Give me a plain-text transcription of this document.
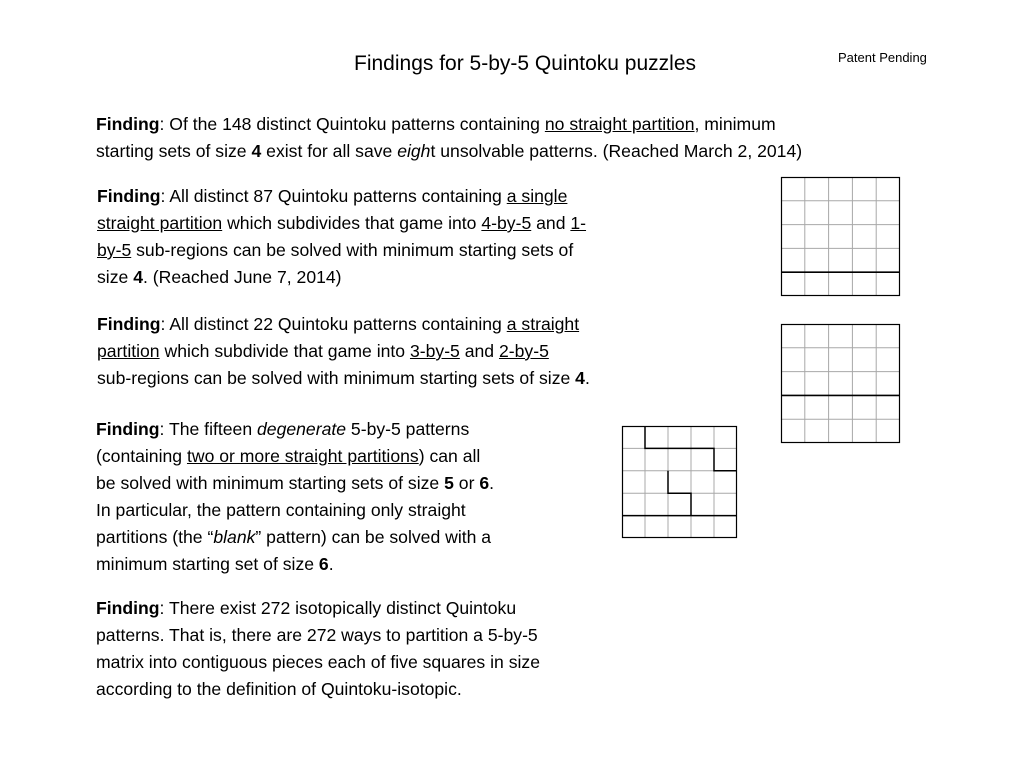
Findings for 5-by-5 Quintoku puzzles	Patent Pending
Finding: Of the 148 distinct Quintoku patterns containing no straight partition, minimum
starting sets of size 4 exist for all save eight unsolvable patterns. (Reached March 2, 2014)
Finding: All distinct 87 Quintoku patterns containing a single
straight partition which subdivides that game into 4-by-5 and 1-
by-5 sub-regions can be solved with minimum starting sets of
size 4. (Reached June 7, 2014)
Finding: All distinct 22 Quintoku patterns containing a straight
partition which subdivide that game into 3-by-5 and 2-by-5
sub-regions can be solved with minimum starting sets of size 4.
Finding: The fifteen degenerate 5-by-5 patterns
(containing two or more straight partitions) can all
be solved with minimum starting sets of size 5 or 6.
In particular, the pattern containing only straight
partitions (the “blank” pattern) can be solved with a
minimum starting set of size 6.
Finding: There exist 272 isotopically distinct Quintoku
patterns. That is, there are 272 ways to partition a 5-by-5
matrix into contiguous pieces each of five squares in size
according to the definition of Quintoku-isotopic.
